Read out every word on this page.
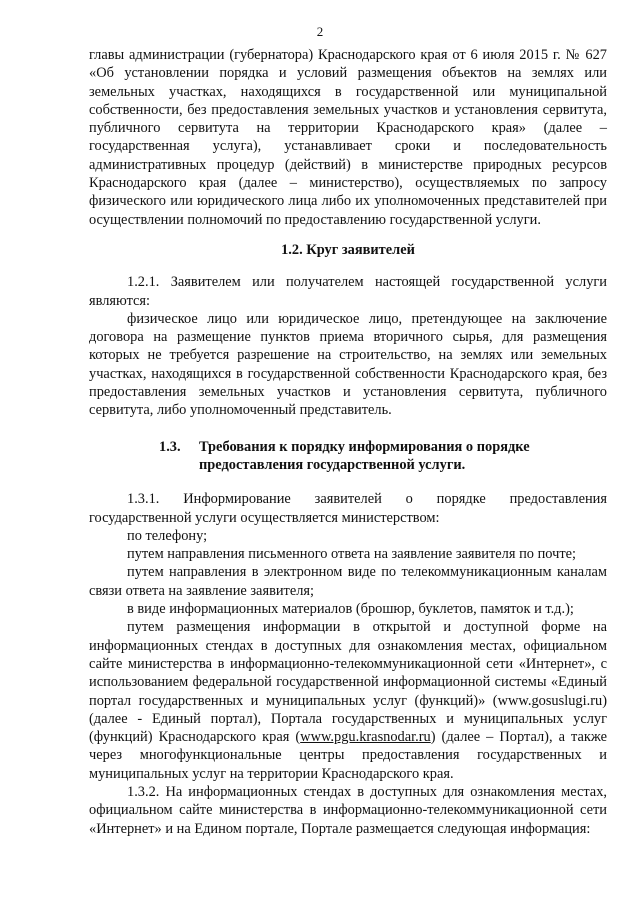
2

главы администрации (губернатора) Краснодарского края от 6 июля 2015 г. № 627 «Об установлении порядка и условий размещения объектов на землях или земельных участках, находящихся в государственной или муниципальной собственности, без предоставления земельных участков и установления сервитута, публичного сервитута на территории Краснодарского края» (далее – государственная услуга), устанавливает сроки и последовательность административных процедур (действий) в министерстве природных ресурсов Краснодарского края (далее – министерство), осуществляемых по запросу физического или юридического лица либо их уполномоченных представителей при осуществлении полномочий по предоставлению государственной услуги.

1.2. Круг заявителей

1.2.1. Заявителем или получателем настоящей государственной услуги являются:

физическое лицо или юридическое лицо, претендующее на заключение договора на размещение пунктов приема вторичного сырья, для размещения которых не требуется разрешение на строительство, на землях или земельных участках, находящихся в государственной собственности Краснодарского края, без предоставления земельных участков и установления сервитута, публичного сервитута, либо уполномоченный представитель.

1.3. Требования к порядку информирования о порядке
предоставления государственной услуги.

1.3.1. Информирование заявителей о порядке предоставления государственной услуги осуществляется министерством:

по телефону;

путем направления письменного ответа на заявление заявителя по почте;

путем направления в электронном виде по телекоммуникационным каналам связи ответа на заявление заявителя;

в виде информационных материалов (брошюр, буклетов, памяток и т.д.);

путем размещения информации в открытой и доступной форме на информационных стендах в доступных для ознакомления местах, официальном сайте министерства в информационно-телекоммуникационной сети «Интернет», с использованием федеральной государственной информационной системы «Единый портал государственных и муниципальных услуг (функций)» (www.gosuslugi.ru) (далее - Единый портал), Портала государственных и муниципальных услуг (функций) Краснодарского края (www.pgu.krasnodar.ru) (далее – Портал), а также через многофункциональные центры предоставления государственных и муниципальных услуг на территории Краснодарского края.

1.3.2. На информационных стендах в доступных для ознакомления местах, официальном сайте министерства в информационно-телекоммуникационной сети «Интернет» и на Едином портале, Портале размещается следующая информация:
